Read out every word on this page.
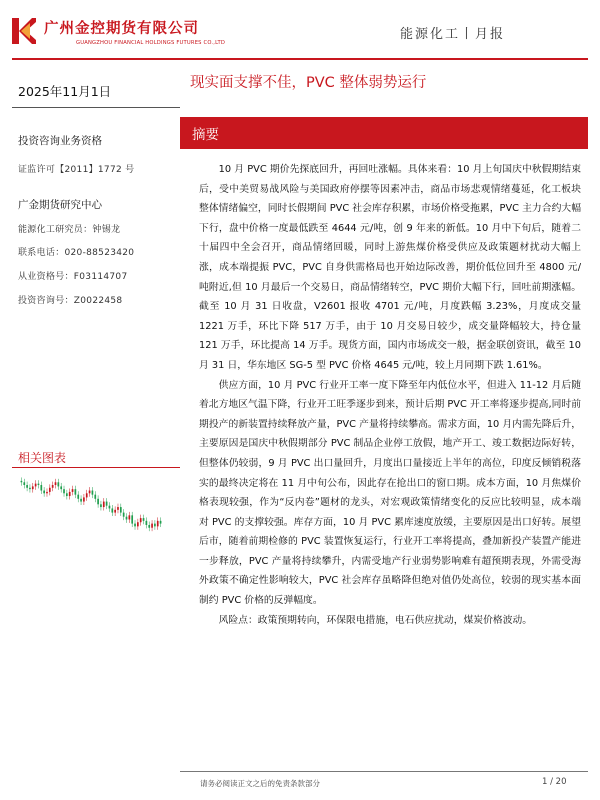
广州金控期货有限公司
GUANGZHOU FINANCIAL HOLDINGS FUTURES CO.,LTD
能源化工丨月报
2025年11月1日
现实面支撑不佳，PVC 整体弱势运行
摘要
投资咨询业务资格
证监许可【2011】1772 号
广金期货研究中心
能源化工研究员：钟锡龙
联系电话：020-88523420
从业资格号：F03114707
投资咨询号：Z0022458
相关图表

10 月 PVC 期价先探底回升，再回吐涨幅。具体来看：10 月上旬国庆中秋假期结束后，受中美贸易战风险与美国政府停摆等因素冲击，商品市场悲观情绪蔓延，化工板块整体情绪偏空，同时长假期间 PVC 社会库存积累，市场价格受拖累，PVC 主力合约大幅下行，盘中价格一度最低跌至 4644 元/吨，创 9 年来的新低。10 月中下旬后，随着二十届四中全会召开，商品情绪回暖，同时上游焦煤价格受供应及政策题材扰动大幅上涨，成本端提振 PVC，PVC 自身供需格局也开始边际改善，期价低位回升至 4800 元/吨附近,但 10 月最后一个交易日，商品情绪转空，PVC 期价大幅下行，回吐前期涨幅。截至 10 月 31 日收盘，V2601 报收 4701 元/吨，月度跌幅 3.23%，月度成交量 1221 万手，环比下降 517 万手，由于 10 月交易日较少，成交量降幅较大，持仓量 121 万手，环比提高 14 万手。现货方面，国内市场成交一般，据金联创资讯，截至 10 月 31 日，华东地区 SG-5 型 PVC 价格 4645 元/吨，较上月同期下跌 1.61%。

供应方面，10 月 PVC 行业开工率一度下降至年内低位水平，但进入 11-12 月后随着北方地区气温下降，行业开工旺季逐步到来，预计后期 PVC 开工率将逐步提高,同时前期投产的新装置持续释放产量，PVC 产量将持续攀高。需求方面，10 月内需先降后升，主要原因是国庆中秋假期部分 PVC 制品企业停工放假，地产开工、竣工数据边际好转，但整体仍较弱，9 月 PVC 出口量回升，月度出口量接近上半年的高位，印度反倾销税落实的最终决定将在 11 月中旬公布，因此存在抢出口的窗口期。成本方面，10 月焦煤价格表现较强，作为“反内卷”题材的龙头，对宏观政策情绪变化的反应比较明显，成本端对 PVC 的支撑较强。库存方面，10 月 PVC 累库速度放缓，主要原因是出口好转。展望后市，随着前期检修的 PVC 装置恢复运行，行业开工率将提高，叠加新投产装置产能进一步释放，PVC 产量将持续攀升，内需受地产行业弱势影响难有超预期表现，外需受海外政策不确定性影响较大，PVC 社会库存虽略降但绝对值仍处高位，较弱的现实基本面制约 PVC 价格的反弹幅度。

风险点：政策预期转向，环保限电措施，电石供应扰动，煤炭价格波动。

请务必阅读正文之后的免责条款部分	1 / 20
